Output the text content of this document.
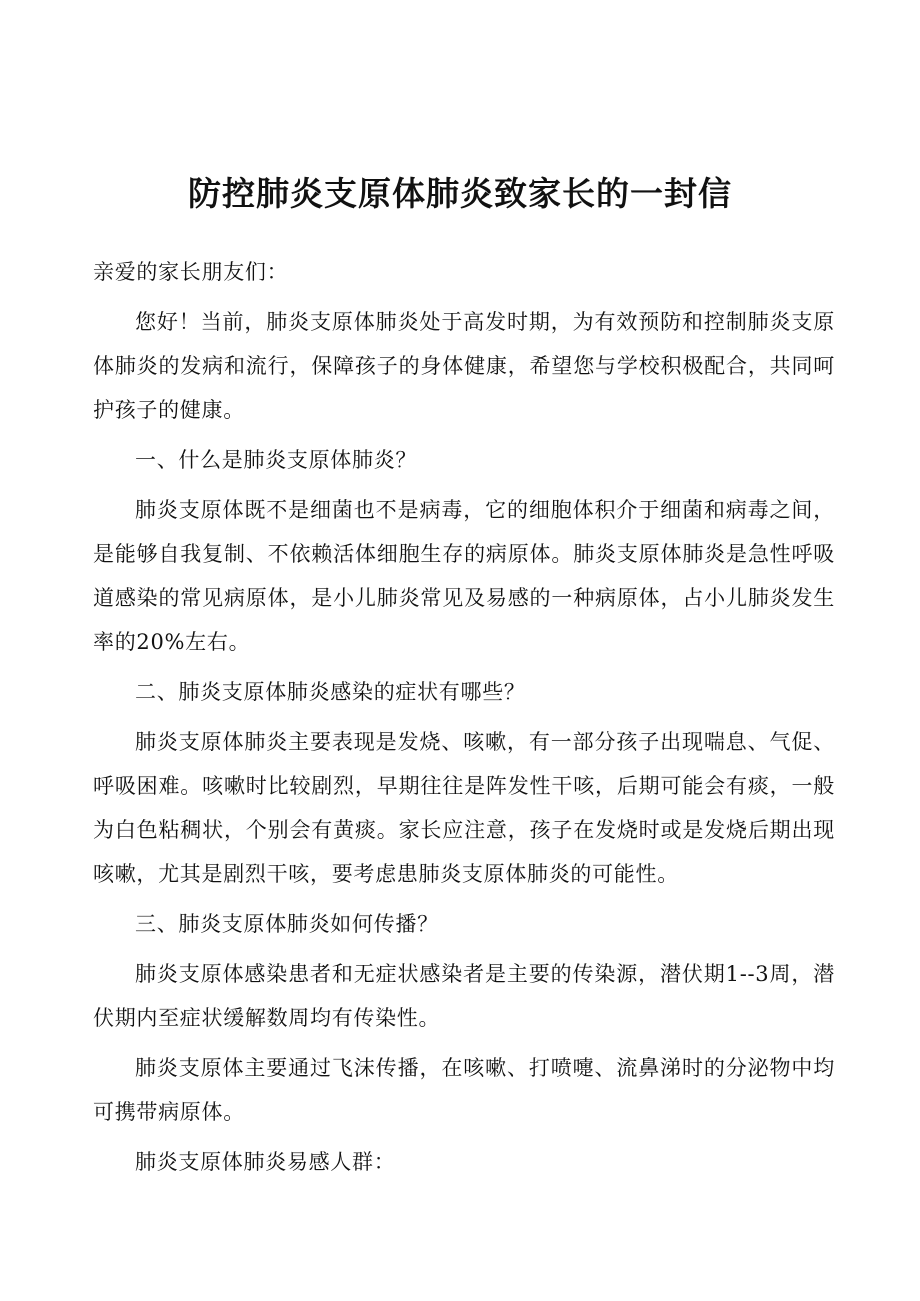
防控肺炎支原体肺炎致家长的一封信

亲爱的家长朋友们：

您好！当前，肺炎支原体肺炎处于高发时期，为有效预防和控制肺炎支原体肺炎的发病和流行，保障孩子的身体健康，希望您与学校积极配合，共同呵护孩子的健康。

一、什么是肺炎支原体肺炎？

肺炎支原体既不是细菌也不是病毒，它的细胞体积介于细菌和病毒之间，是能够自我复制、不依赖活体细胞生存的病原体。肺炎支原体肺炎是急性呼吸道感染的常见病原体，是小儿肺炎常见及易感的一种病原体，占小儿肺炎发生率的20%左右。

二、肺炎支原体肺炎感染的症状有哪些？

肺炎支原体肺炎主要表现是发烧、咳嗽，有一部分孩子出现喘息、气促、呼吸困难。咳嗽时比较剧烈，早期往往是阵发性干咳，后期可能会有痰，一般为白色粘稠状，个别会有黄痰。家长应注意，孩子在发烧时或是发烧后期出现咳嗽，尤其是剧烈干咳，要考虑患肺炎支原体肺炎的可能性。

三、肺炎支原体肺炎如何传播？

肺炎支原体感染患者和无症状感染者是主要的传染源，潜伏期1--3周，潜伏期内至症状缓解数周均有传染性。

肺炎支原体主要通过飞沫传播，在咳嗽、打喷嚏、流鼻涕时的分泌物中均可携带病原体。

肺炎支原体肺炎易感人群：
